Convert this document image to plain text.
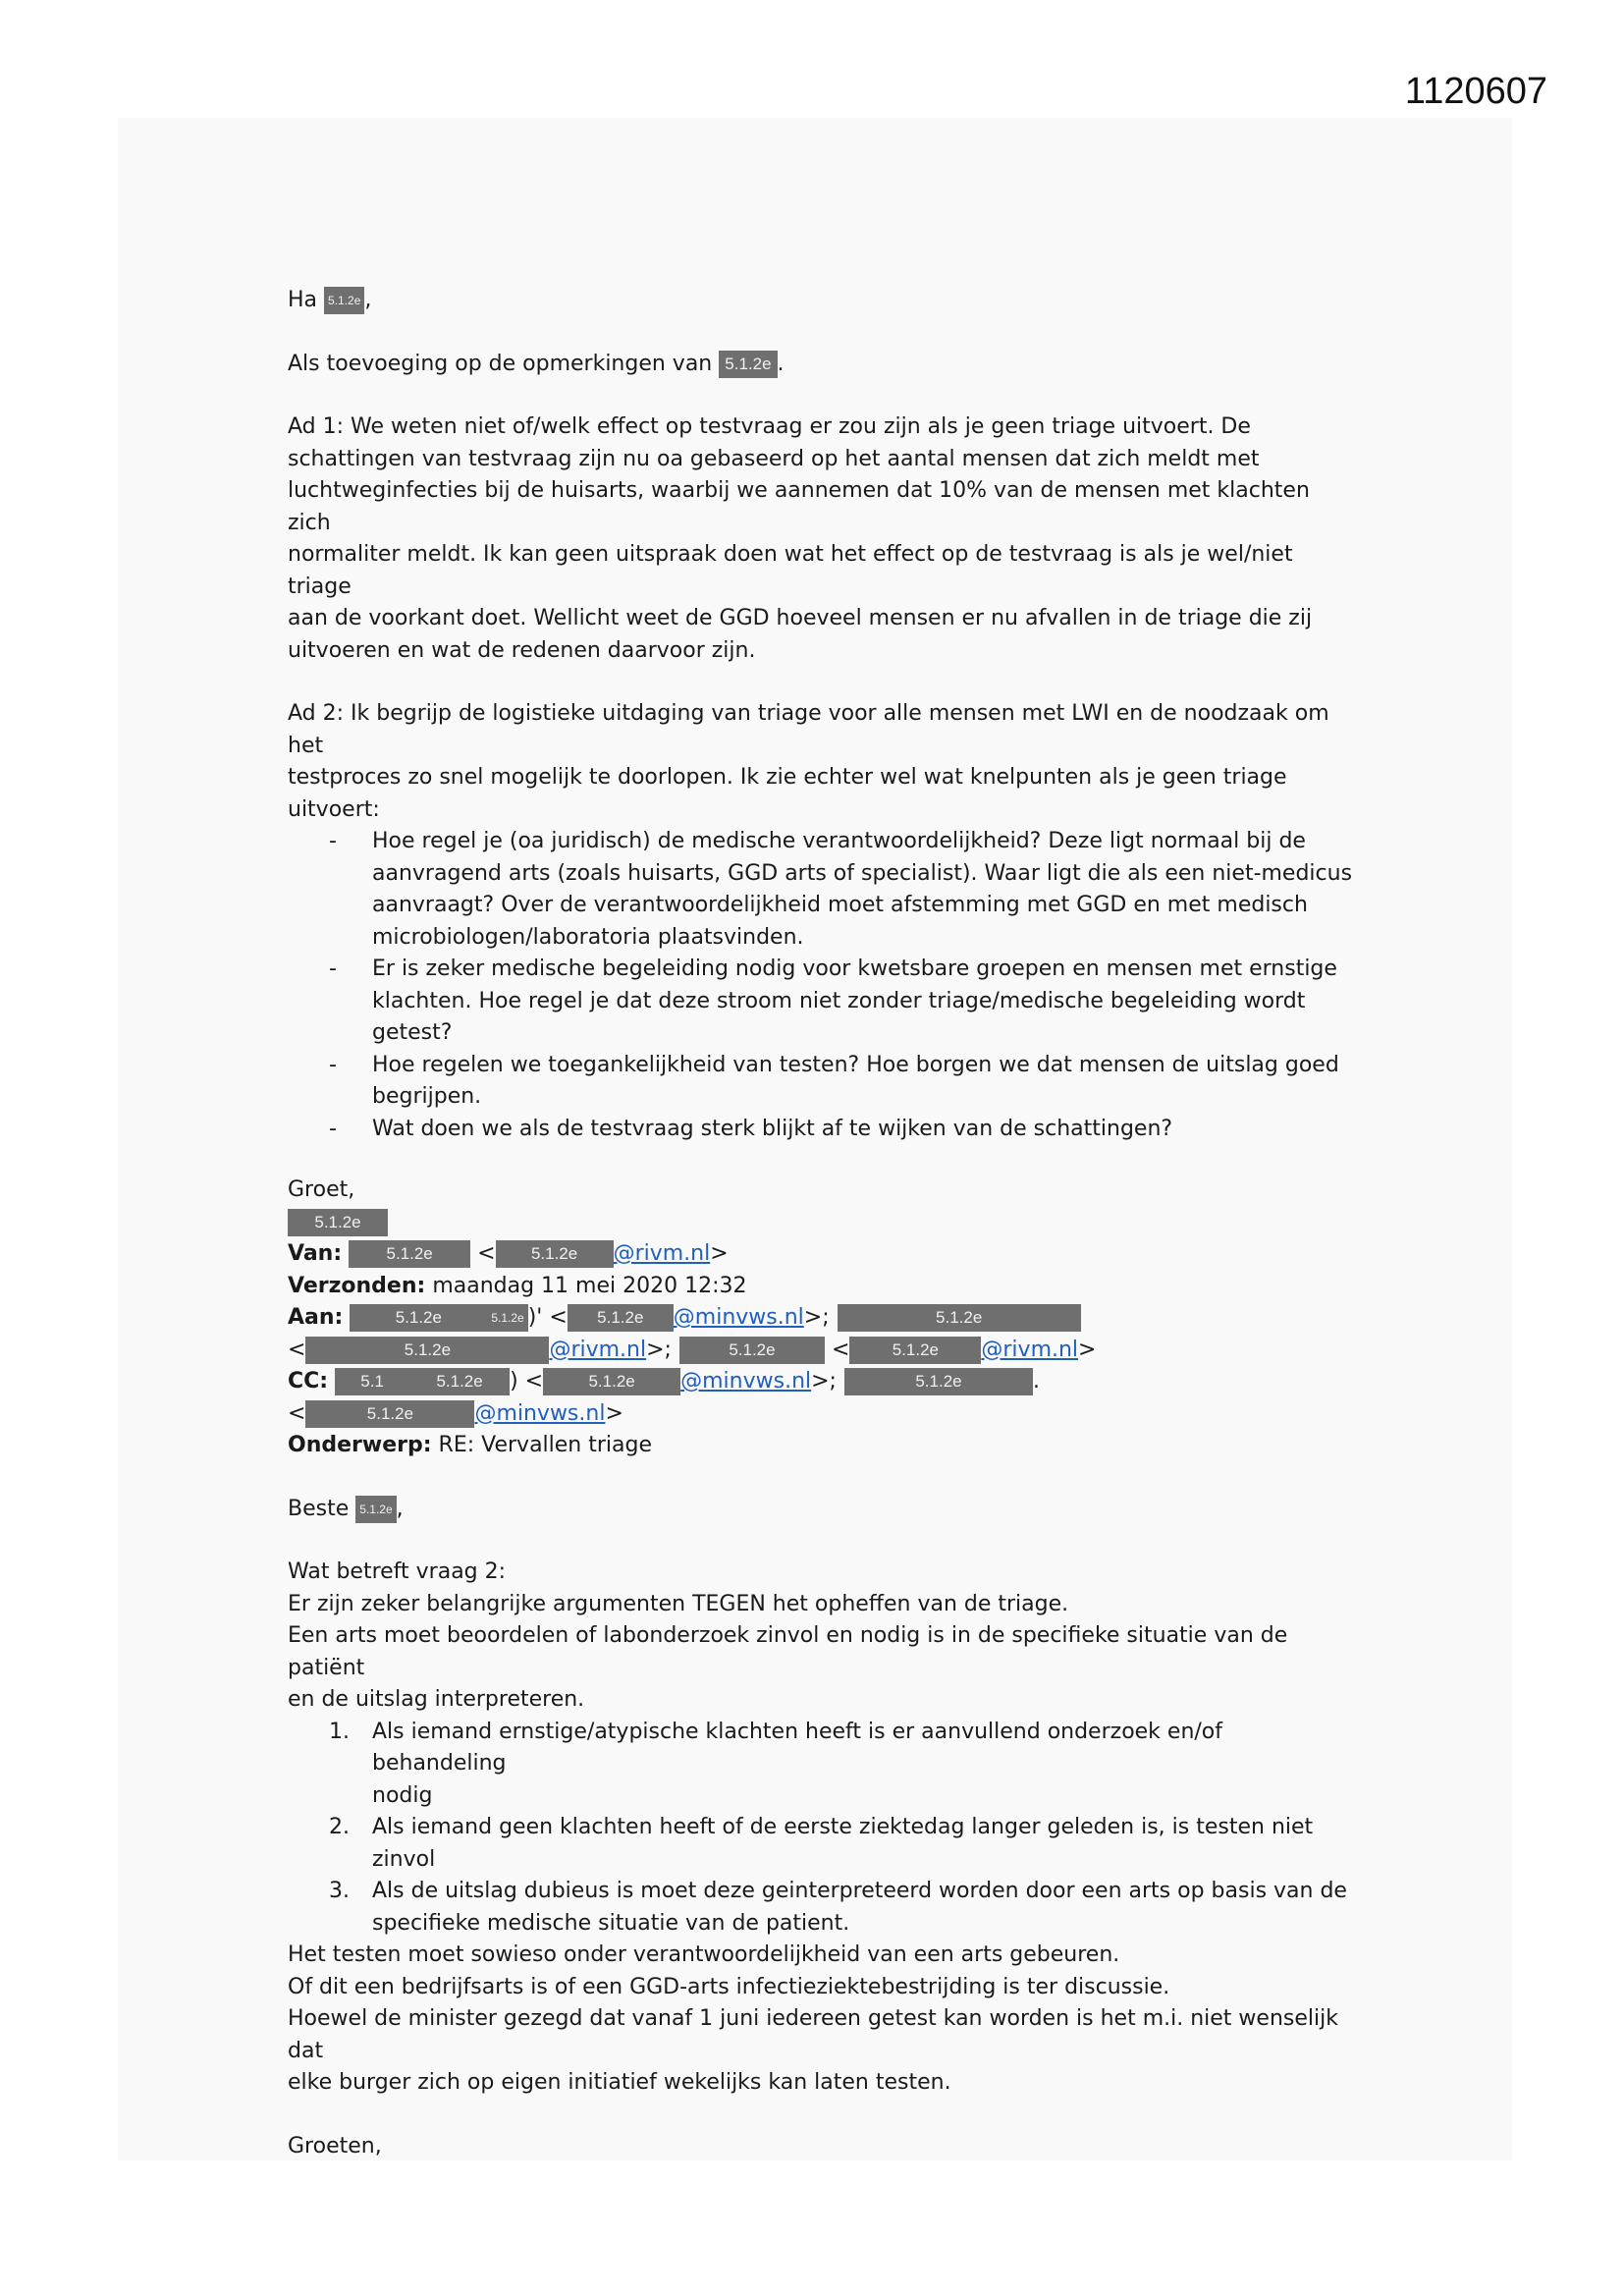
1120607

Ha 5.1.2e ,

Als toevoeging op de opmerkingen van 5.1.2e .

Ad 1: We weten niet of/welk effect op testvraag er zou zijn als je geen triage uitvoert. De

schattingen van testvraag zijn nu oa gebaseerd op het aantal mensen dat zich meldt met

luchtweginfecties bij de huisarts, waarbij we aannemen dat 10% van de mensen met klachten zich

normaliter meldt. Ik kan geen uitspraak doen wat het effect op de testvraag is als je wel/niet triage

aan de voorkant doet. Wellicht weet de GGD hoeveel mensen er nu afvallen in de triage die zij

uitvoeren en wat de redenen daarvoor zijn.

Ad 2: Ik begrijp de logistieke uitdaging van triage voor alle mensen met LWI en de noodzaak om het

testproces zo snel mogelijk te doorlopen. Ik zie echter wel wat knelpunten als je geen triage uitvoert:

- Hoe regel je (oa juridisch) de medische verantwoordelijkheid? Deze ligt normaal bij de
aanvragend arts (zoals huisarts, GGD arts of specialist). Waar ligt die als een niet-medicus
aanvraagt? Over de verantwoordelijkheid moet afstemming met GGD en met medisch
microbiologen/laboratoria plaatsvinden.
- Er is zeker medische begeleiding nodig voor kwetsbare groepen en mensen met ernstige
klachten. Hoe regel je dat deze stroom niet zonder triage/medische begeleiding wordt
getest?
- Hoe regelen we toegankelijkheid van testen? Hoe borgen we dat mensen de uitslag goed
begrijpen.
- Wat doen we als de testvraag sterk blijkt af te wijken van de schattingen?

Groet,

5.1.2e

Van:	5.1.2e < 5.1.2e @rivm.nl>

Verzonden: maandag 11 mei 2020 12:32

Aan:	5.1.2e	5.1.2e )' < 5.1.2e @minvws.nl>;	5.1.2e

<	5.1.2e	@rivm.nl>;	5.1.2e	<	5.1.2e @rivm.nl>

CC: 5.1	5.1.2e ) <	5.1.2e @minvws.nl>;	5.1.2e	.

<	5.1.2e	@minvws.nl>

Onderwerp: RE: Vervallen triage

Beste 5.1.2e ,

Wat betreft vraag 2:

Er zijn zeker belangrijke argumenten TEGEN het opheffen van de triage.

Een arts moet beoordelen of labonderzoek zinvol en nodig is in de specifieke situatie van de patiënt

en de uitslag interpreteren.

1. Als iemand ernstige/atypische klachten heeft is er aanvullend onderzoek en/of behandeling
nodig
2. Als iemand geen klachten heeft of de eerste ziektedag langer geleden is, is testen niet zinvol
3. Als de uitslag dubieus is moet deze geinterpreteerd worden door een arts op basis van de
specifieke medische situatie van de patient.

Het testen moet sowieso onder verantwoordelijkheid van een arts gebeuren.

Of dit een bedrijfsarts is of een GGD-arts infectieziektebestrijding is ter discussie.

Hoewel de minister gezegd dat vanaf 1 juni iedereen getest kan worden is het m.i. niet wenselijk dat

elke burger zich op eigen initiatief wekelijks kan laten testen.

Groeten,
